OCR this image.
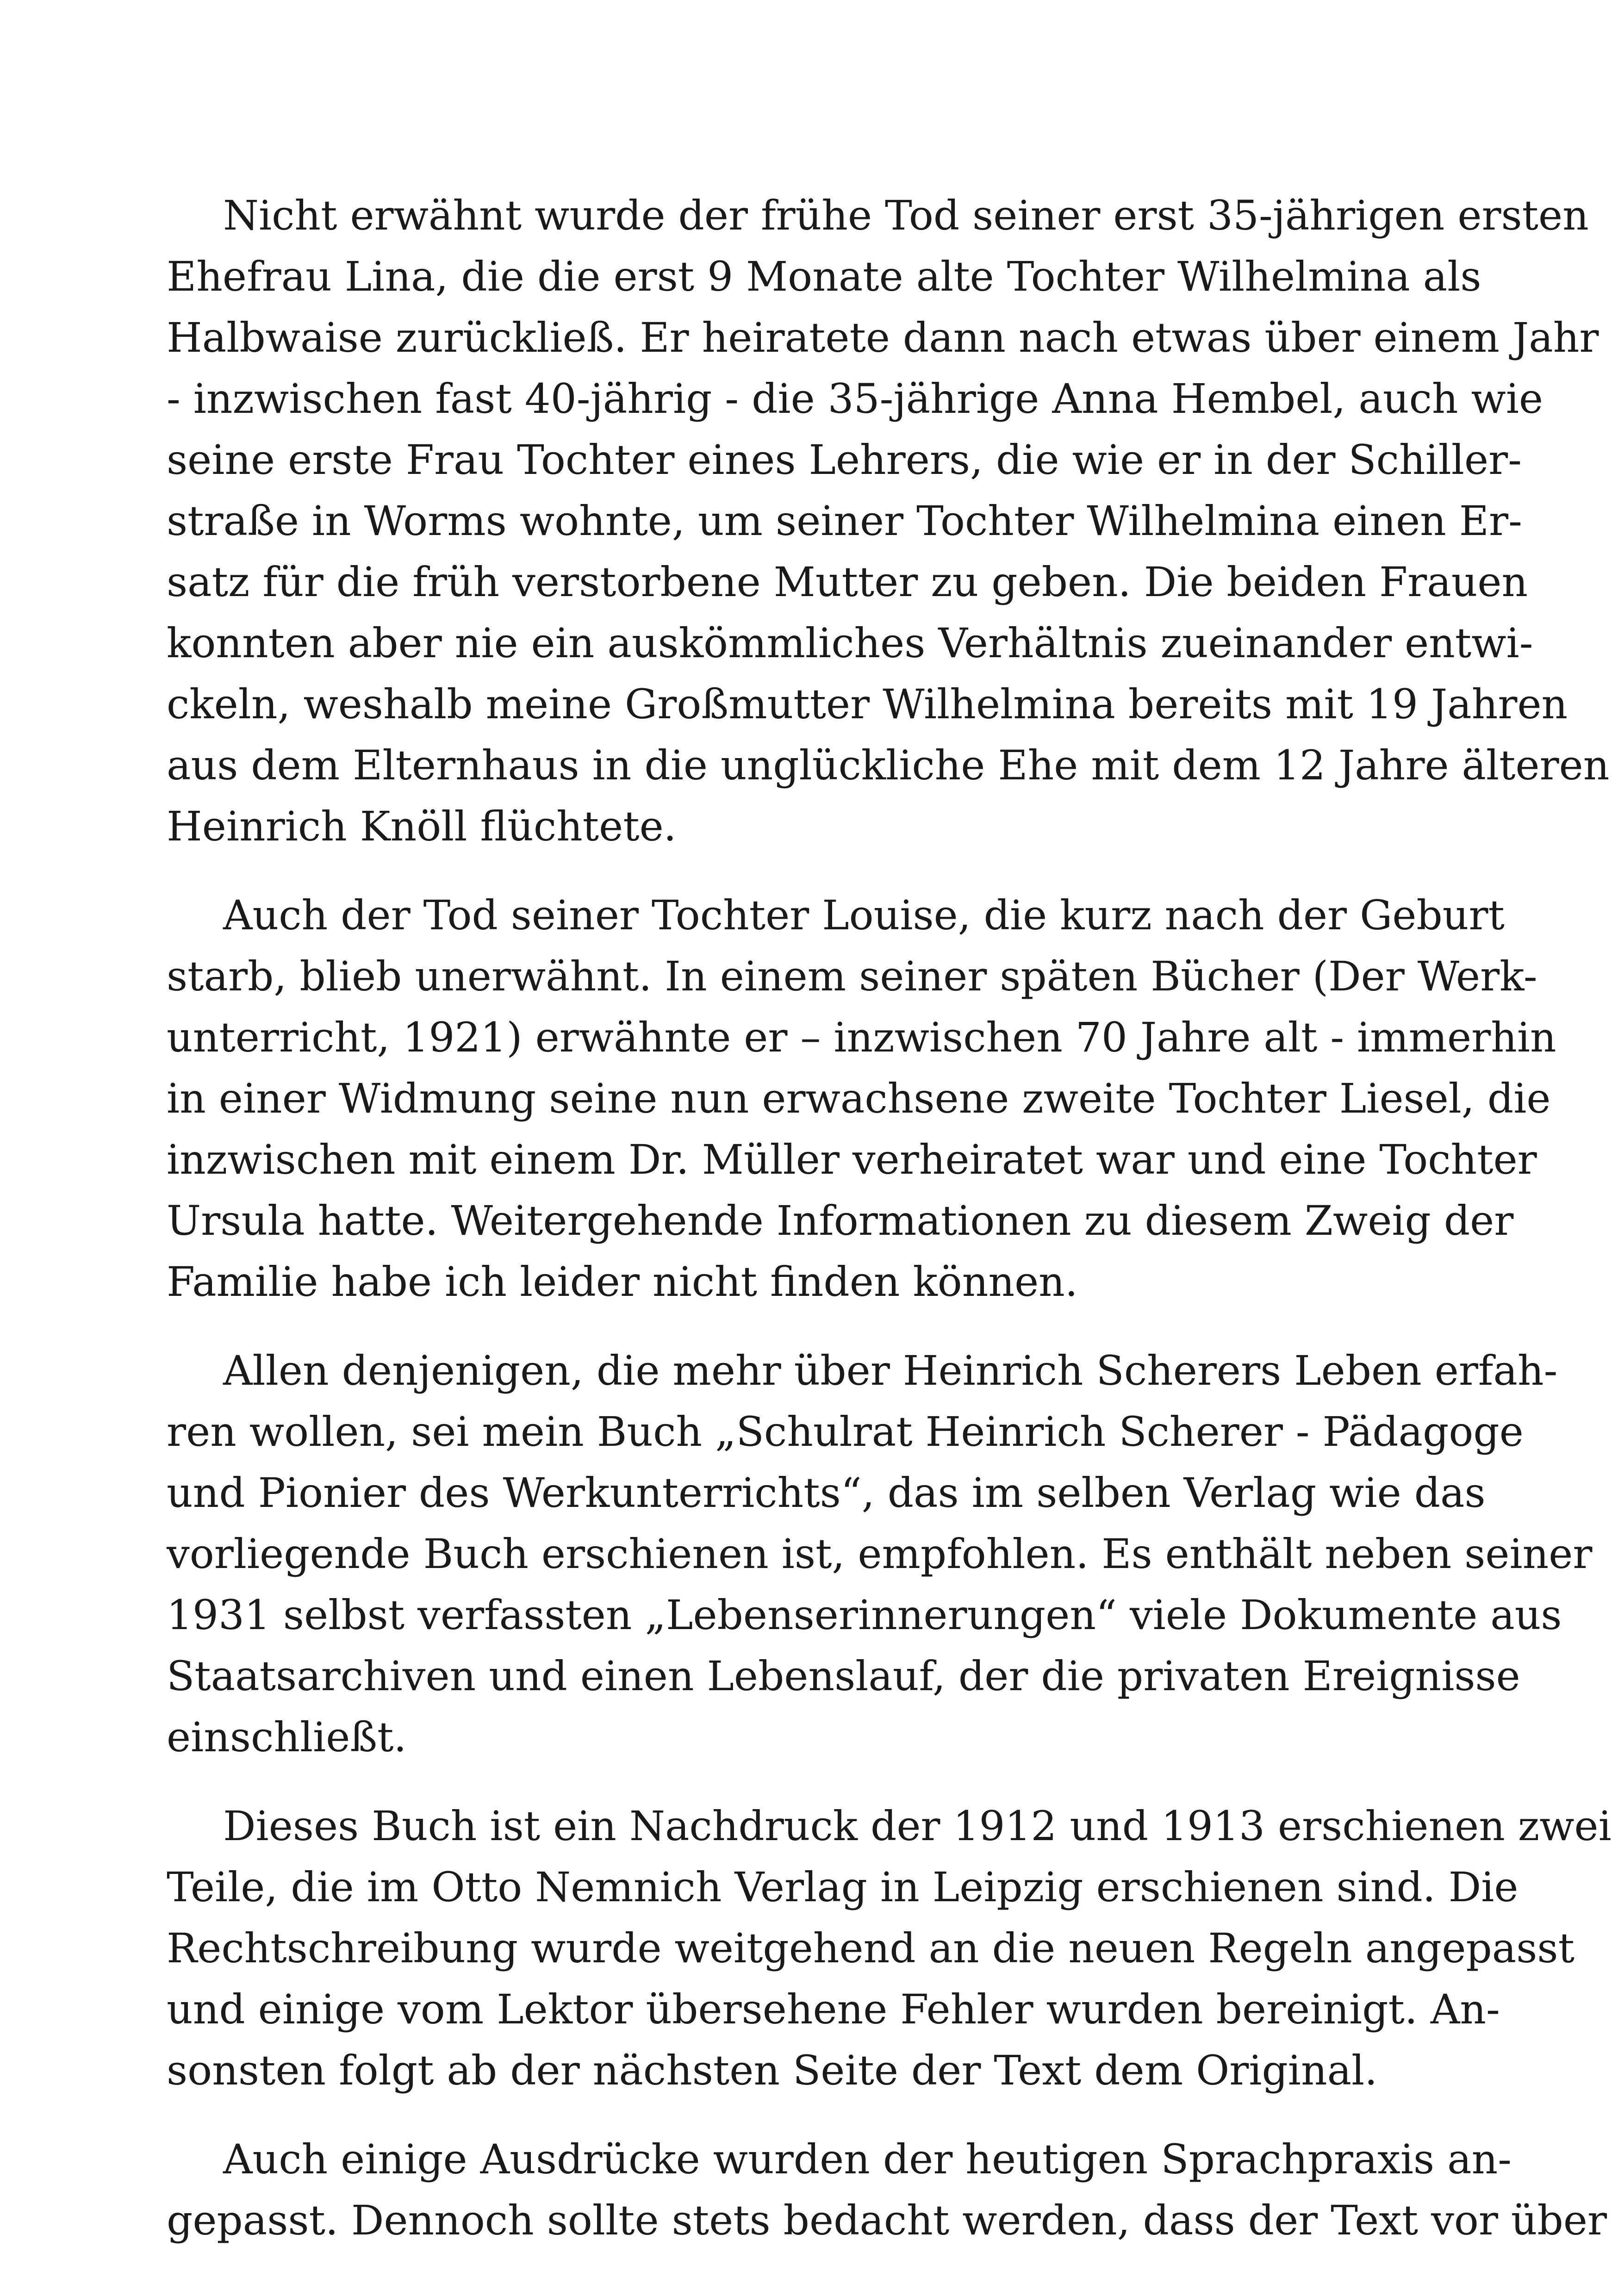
Nicht erwähnt wurde der frühe Tod seiner erst 35-jährigen ersten
Ehefrau Lina, die die erst 9 Monate alte Tochter Wilhelmina als
Halbwaise zurückließ. Er heiratete dann nach etwas über einem Jahr
- inzwischen fast 40-jährig - die 35-jährige Anna Hembel, auch wie
seine erste Frau Tochter eines Lehrers, die wie er in der Schiller-
straße in Worms wohnte, um seiner Tochter Wilhelmina einen Er-
satz für die früh verstorbene Mutter zu geben. Die beiden Frauen
konnten aber nie ein auskömmliches Verhältnis zueinander entwi-
ckeln, weshalb meine Großmutter Wilhelmina bereits mit 19 Jahren
aus dem Elternhaus in die unglückliche Ehe mit dem 12 Jahre älteren
Heinrich Knöll flüchtete.
Auch der Tod seiner Tochter Louise, die kurz nach der Geburt
starb, blieb unerwähnt. In einem seiner späten Bücher (Der Werk-
unterricht, 1921) erwähnte er – inzwischen 70 Jahre alt - immerhin
in einer Widmung seine nun erwachsene zweite Tochter Liesel, die
inzwischen mit einem Dr. Müller verheiratet war und eine Tochter
Ursula hatte. Weitergehende Informationen zu diesem Zweig der
Familie habe ich leider nicht finden können.
Allen denjenigen, die mehr über Heinrich Scherers Leben erfah-
ren wollen, sei mein Buch „Schulrat Heinrich Scherer - Pädagoge
und Pionier des Werkunterrichts“, das im selben Verlag wie das
vorliegende Buch erschienen ist, empfohlen. Es enthält neben seiner
1931 selbst verfassten „Lebenserinnerungen“ viele Dokumente aus
Staatsarchiven und einen Lebenslauf, der die privaten Ereignisse
einschließt.
Dieses Buch ist ein Nachdruck der 1912 und 1913 erschienen zwei
Teile, die im Otto Nemnich Verlag in Leipzig erschienen sind. Die
Rechtschreibung wurde weitgehend an die neuen Regeln angepasst
und einige vom Lektor übersehene Fehler wurden bereinigt. An-
sonsten folgt ab der nächsten Seite der Text dem Original.
Auch einige Ausdrücke wurden der heutigen Sprachpraxis an-
gepasst. Dennoch sollte stets bedacht werden, dass der Text vor über
